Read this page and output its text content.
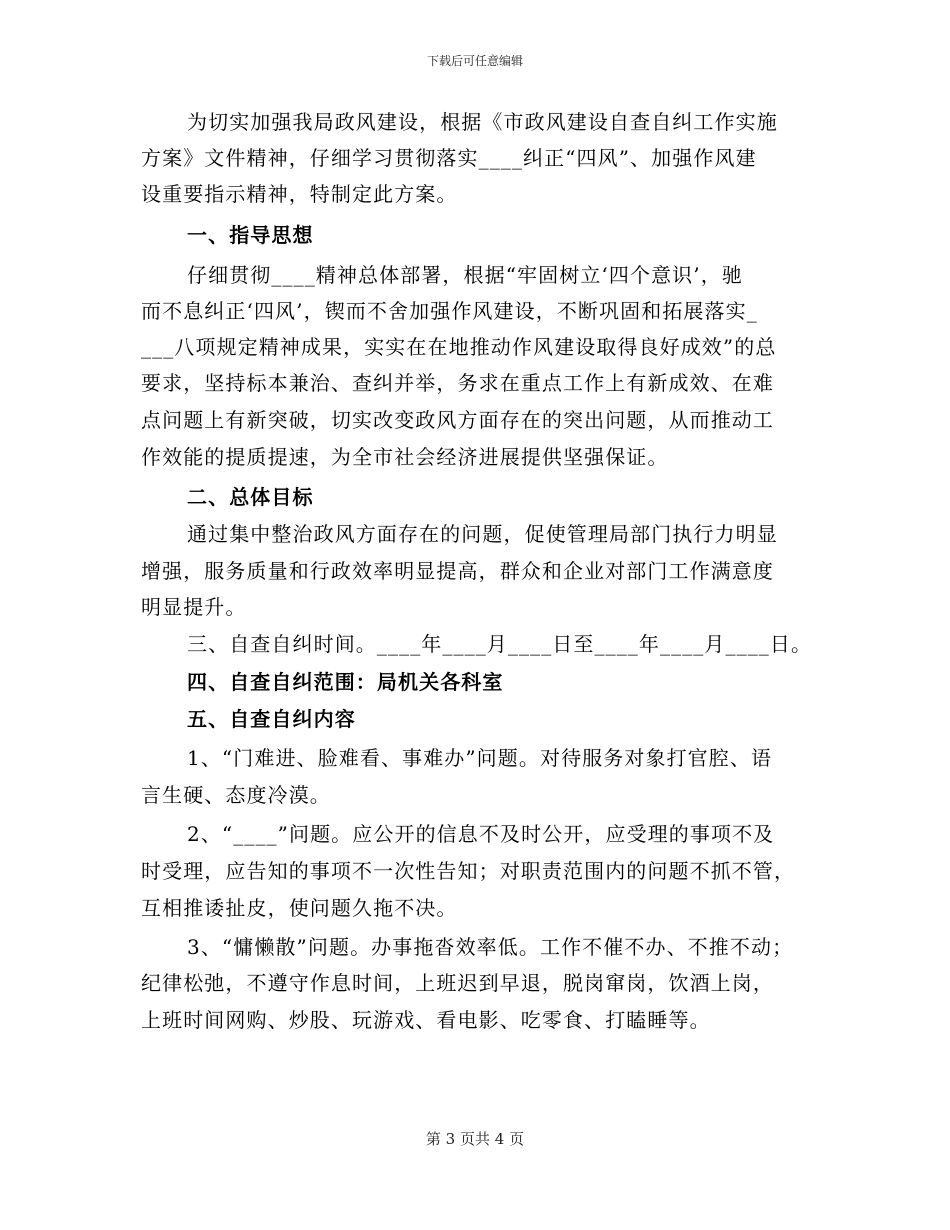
下载后可任意编辑
为切实加强我局政风建设，根据《市政风建设自查自纠工作实施
方案》文件精神，仔细学习贯彻落实____纠正“四风”、加强作风建
设重要指示精神，特制定此方案。
一、指导思想
仔细贯彻____精神总体部署，根据“牢固树立‘四个意识’，驰
而不息纠正‘四风’，锲而不舍加强作风建设，不断巩固和拓展落实_
___八项规定精神成果，实实在在地推动作风建设取得良好成效”的总
要求，坚持标本兼治、查纠并举，务求在重点工作上有新成效、在难
点问题上有新突破，切实改变政风方面存在的突出问题，从而推动工
作效能的提质提速，为全市社会经济进展提供坚强保证。
二、总体目标
通过集中整治政风方面存在的问题，促使管理局部门执行力明显
增强，服务质量和行政效率明显提高，群众和企业对部门工作满意度
明显提升。
三、自查自纠时间。____年____月____日至____年____月____日。
四、自查自纠范围：局机关各科室
五、自查自纠内容
1、“门难进、脸难看、事难办”问题。对待服务对象打官腔、语
言生硬、态度冷漠。
2、“____”问题。应公开的信息不及时公开，应受理的事项不及
时受理，应告知的事项不一次性告知；对职责范围内的问题不抓不管，
互相推诿扯皮，使问题久拖不决。
3、“慵懒散”问题。办事拖沓效率低。工作不催不办、不推不动；
纪律松弛，不遵守作息时间，上班迟到早退，脱岗窜岗，饮酒上岗，
上班时间网购、炒股、玩游戏、看电影、吃零食、打瞌睡等。
第 3 页共 4 页
